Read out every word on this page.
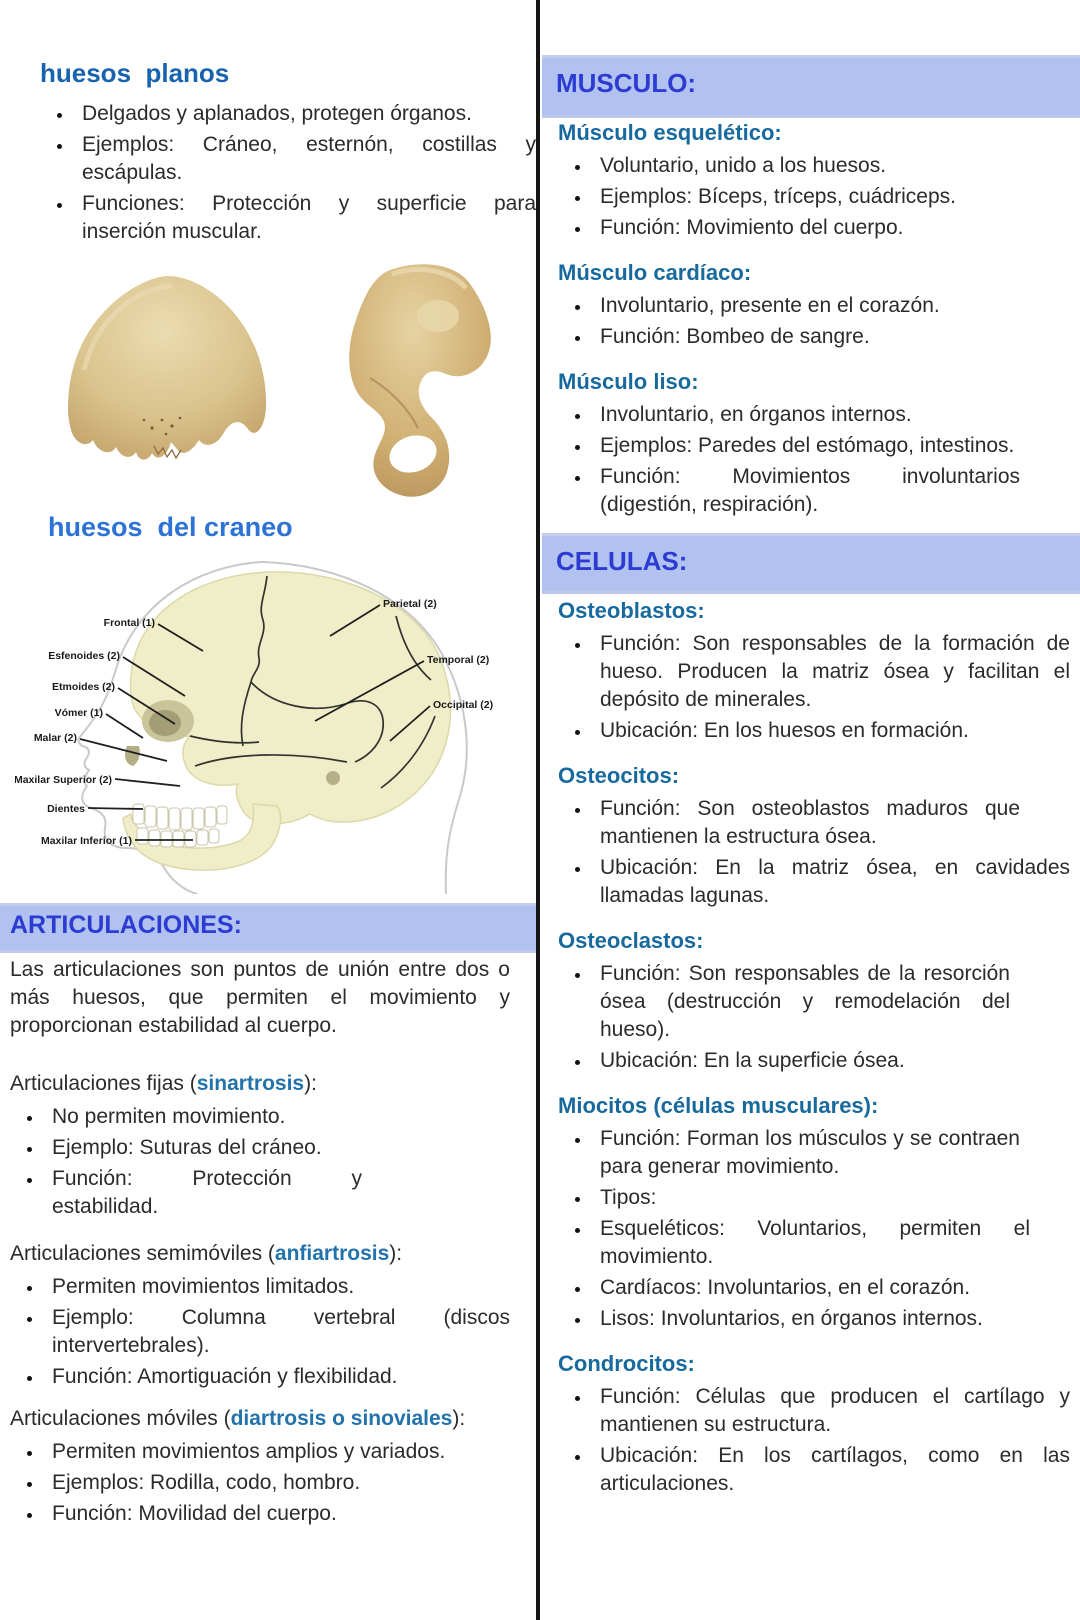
huesos  planos
• Delgados y aplanados, protegen órganos.
• Ejemplos: Cráneo, esternón, costillas y escápulas.
• Funciones: Protección y superficie para inserción muscular.
huesos  del craneo
Frontal (1)
Parietal (2)
Esfenoides (2)
Etmoides (2)
Temporal (2)
Vómer (1)
Malar (2)
Occipital (2)
Maxilar Superior (2)
Dientes
Maxilar Inferior (1)
ARTICULACIONES:
Las articulaciones son puntos de unión entre dos o más huesos, que permiten el movimiento y proporcionan estabilidad al cuerpo.
Articulaciones fijas (sinartrosis):
• No permiten movimiento.
• Ejemplo: Suturas del cráneo.
• Función: Protección y estabilidad.
Articulaciones semimóviles (anfiartrosis):
• Permiten movimientos limitados.
• Ejemplo: Columna vertebral (discos intervertebrales).
• Función: Amortiguación y flexibilidad.
Articulaciones móviles (diartrosis o sinoviales):
• Permiten movimientos amplios y variados.
• Ejemplos: Rodilla, codo, hombro.
• Función: Movilidad del cuerpo.
MUSCULO:
Músculo esquelético:
• Voluntario, unido a los huesos.
• Ejemplos: Bíceps, tríceps, cuádriceps.
• Función: Movimiento del cuerpo.
Músculo cardíaco:
• Involuntario, presente en el corazón.
• Función: Bombeo de sangre.
Músculo liso:
• Involuntario, en órganos internos.
• Ejemplos: Paredes del estómago, intestinos.
• Función: Movimientos involuntarios (digestión, respiración).
CELULAS:
Osteoblastos:
• Función: Son responsables de la formación de hueso. Producen la matriz ósea y facilitan el depósito de minerales.
• Ubicación: En los huesos en formación.
Osteocitos:
• Función: Son osteoblastos maduros que mantienen la estructura ósea.
• Ubicación: En la matriz ósea, en cavidades llamadas lagunas.
Osteoclastos:
• Función: Son responsables de la resorción ósea (destrucción y remodelación del hueso).
• Ubicación: En la superficie ósea.
Miocitos (células musculares):
• Función: Forman los músculos y se contraen para generar movimiento.
• Tipos:
• Esqueléticos: Voluntarios, permiten el movimiento.
• Cardíacos: Involuntarios, en el corazón.
• Lisos: Involuntarios, en órganos internos.
Condrocitos:
• Función: Células que producen el cartílago y mantienen su estructura.
• Ubicación: En los cartílagos, como en las articulaciones.
